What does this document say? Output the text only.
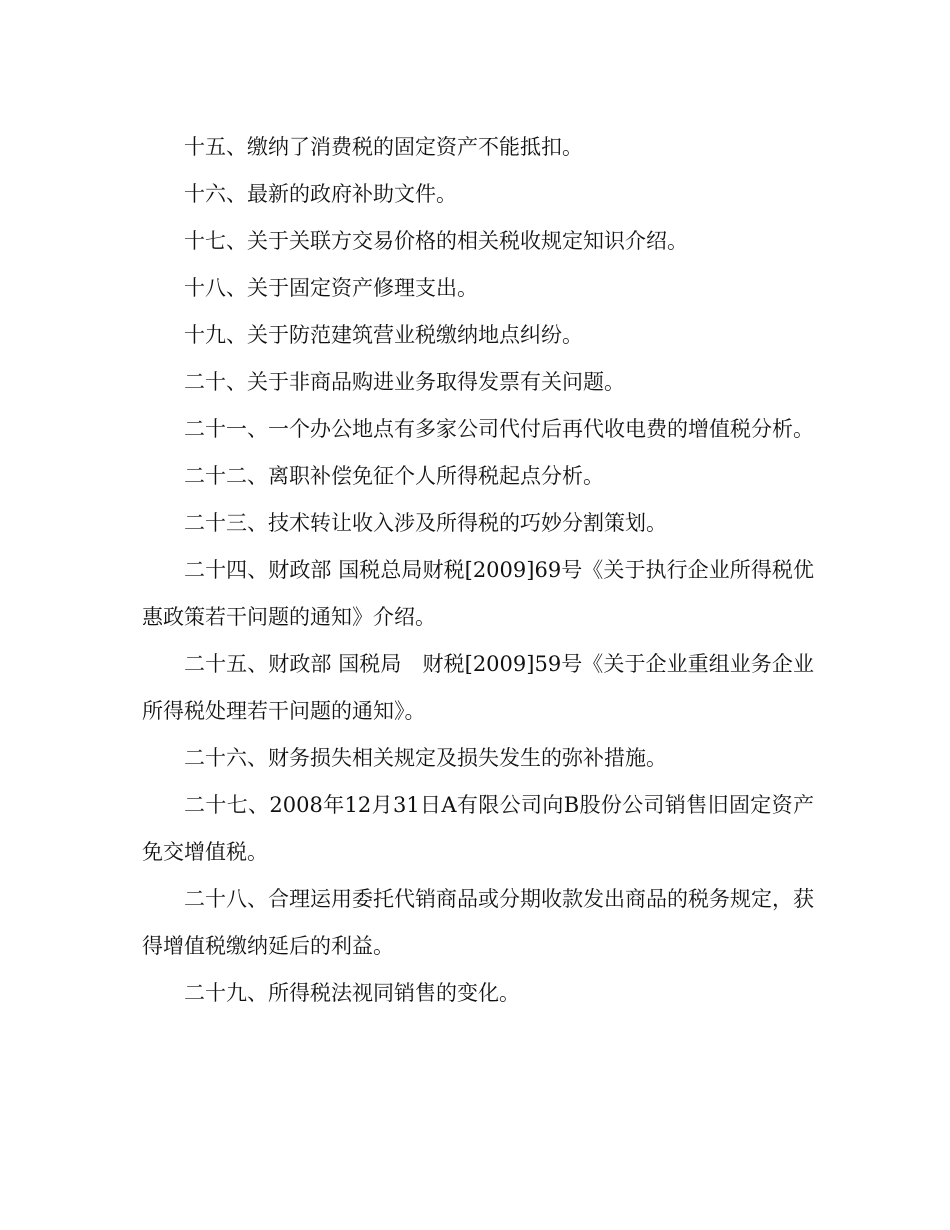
十五、缴纳了消费税的固定资产不能抵扣。

十六、最新的政府补助文件。

十七、关于关联方交易价格的相关税收规定知识介绍。

十八、关于固定资产修理支出。

十九、关于防范建筑营业税缴纳地点纠纷。

二十、关于非商品购进业务取得发票有关问题。

二十一、一个办公地点有多家公司代付后再代收电费的增值税分析。

二十二、离职补偿免征个人所得税起点分析。

二十三、技术转让收入涉及所得税的巧妙分割策划。

二十四、财政部 国税总局财税[2009]69号《关于执行企业所得税优惠政策若干问题的通知》介绍。

二十五、财政部 国税局　财税[2009]59号《关于企业重组业务企业所得税处理若干问题的通知》。

二十六、财务损失相关规定及损失发生的弥补措施。

二十七、2008年12月31日A有限公司向B股份公司销售旧固定资产免交增值税。

二十八、合理运用委托代销商品或分期收款发出商品的税务规定，获得增值税缴纳延后的利益。

二十九、所得税法视同销售的变化。
